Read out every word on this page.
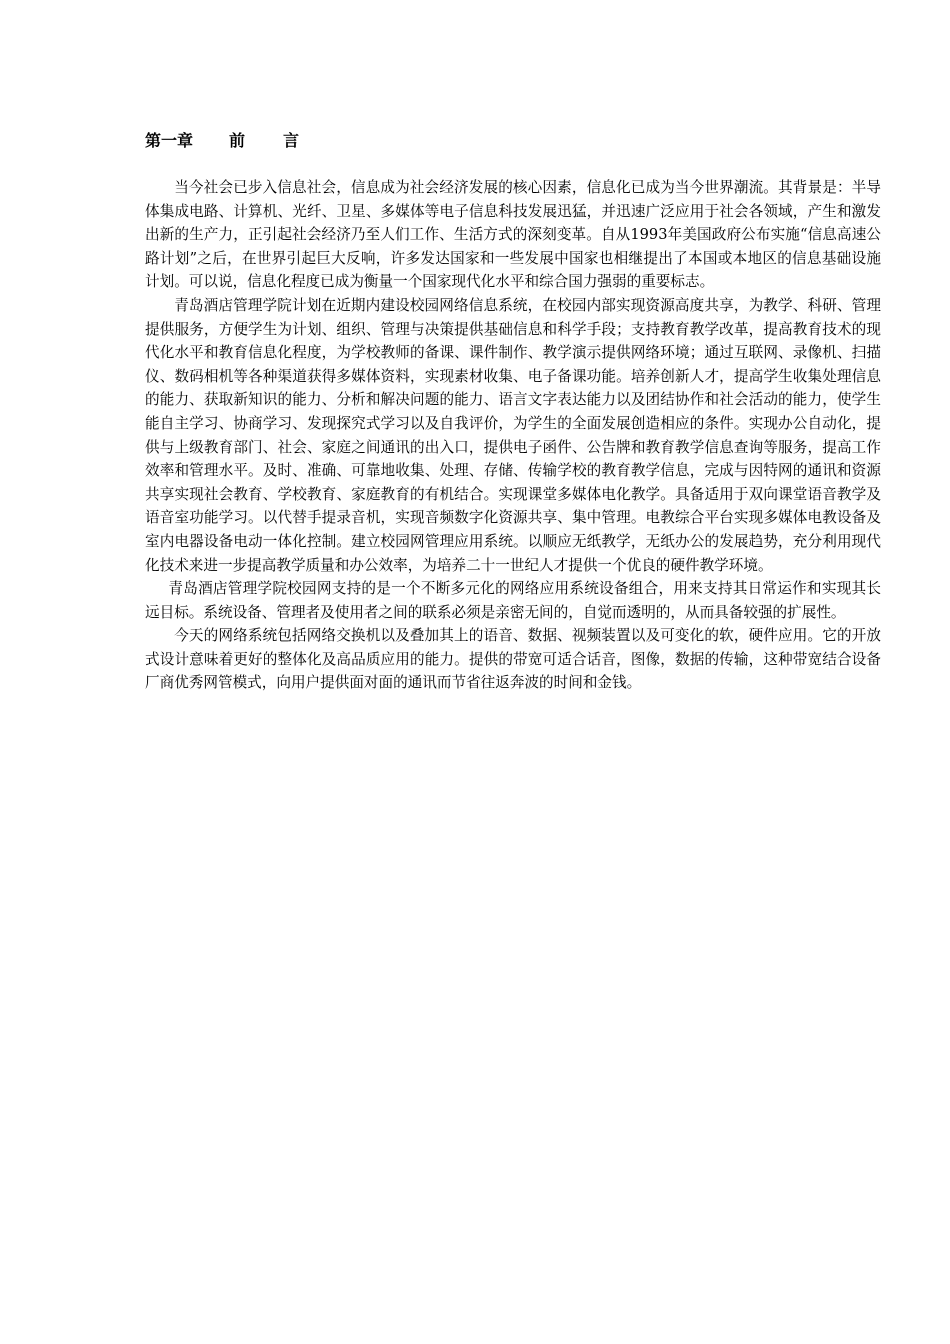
第一章 前 言

当今社会已步入信息社会，信息成为社会经济发展的核心因素，信息化已成为当今世界潮流。其背景是：半导体集成电路、计算机、光纤、卫星、多媒体等电子信息科技发展迅猛，并迅速广泛应用于社会各领域，产生和激发出新的生产力，正引起社会经济乃至人们工作、生活方式的深刻变革。自从1993年美国政府公布实施“信息高速公路计划”之后，在世界引起巨大反响，许多发达国家和一些发展中国家也相继提出了本国或本地区的信息基础设施计划。可以说，信息化程度已成为衡量一个国家现代化水平和综合国力强弱的重要标志。

青岛酒店管理学院计划在近期内建设校园网络信息系统，在校园内部实现资源高度共享，为教学、科研、管理提供服务，方便学生为计划、组织、管理与决策提供基础信息和科学手段；支持教育教学改革，提高教育技术的现代化水平和教育信息化程度，为学校教师的备课、课件制作、教学演示提供网络环境；通过互联网、录像机、扫描仪、数码相机等各种渠道获得多媒体资料，实现素材收集、电子备课功能。培养创新人才，提高学生收集处理信息的能力、获取新知识的能力、分析和解决问题的能力、语言文字表达能力以及团结协作和社会活动的能力，使学生能自主学习、协商学习、发现探究式学习以及自我评价，为学生的全面发展创造相应的条件。实现办公自动化，提供与上级教育部门、社会、家庭之间通讯的出入口，提供电子函件、公告牌和教育教学信息查询等服务，提高工作效率和管理水平。及时、准确、可靠地收集、处理、存储、传输学校的教育教学信息，完成与因特网的通讯和资源共享实现社会教育、学校教育、家庭教育的有机结合。实现课堂多媒体电化教学。具备适用于双向课堂语音教学及语音室功能学习。以代替手提录音机，实现音频数字化资源共享、集中管理。电教综合平台实现多媒体电教设备及室内电器设备电动一体化控制。建立校园网管理应用系统。以顺应无纸教学，无纸办公的发展趋势，充分利用现代化技术来进一步提高教学质量和办公效率，为培养二十一世纪人才提供一个优良的硬件教学环境。

青岛酒店管理学院校园网支持的是一个不断多元化的网络应用系统设备组合，用来支持其日常运作和实现其长远目标。系统设备、管理者及使用者之间的联系必须是亲密无间的，自觉而透明的，从而具备较强的扩展性。

今天的网络系统包括网络交换机以及叠加其上的语音、数据、视频装置以及可变化的软，硬件应用。它的开放式设计意味着更好的整体化及高品质应用的能力。提供的带宽可适合话音，图像，数据的传输，这种带宽结合设备厂商优秀网管模式，向用户提供面对面的通讯而节省往返奔波的时间和金钱。
